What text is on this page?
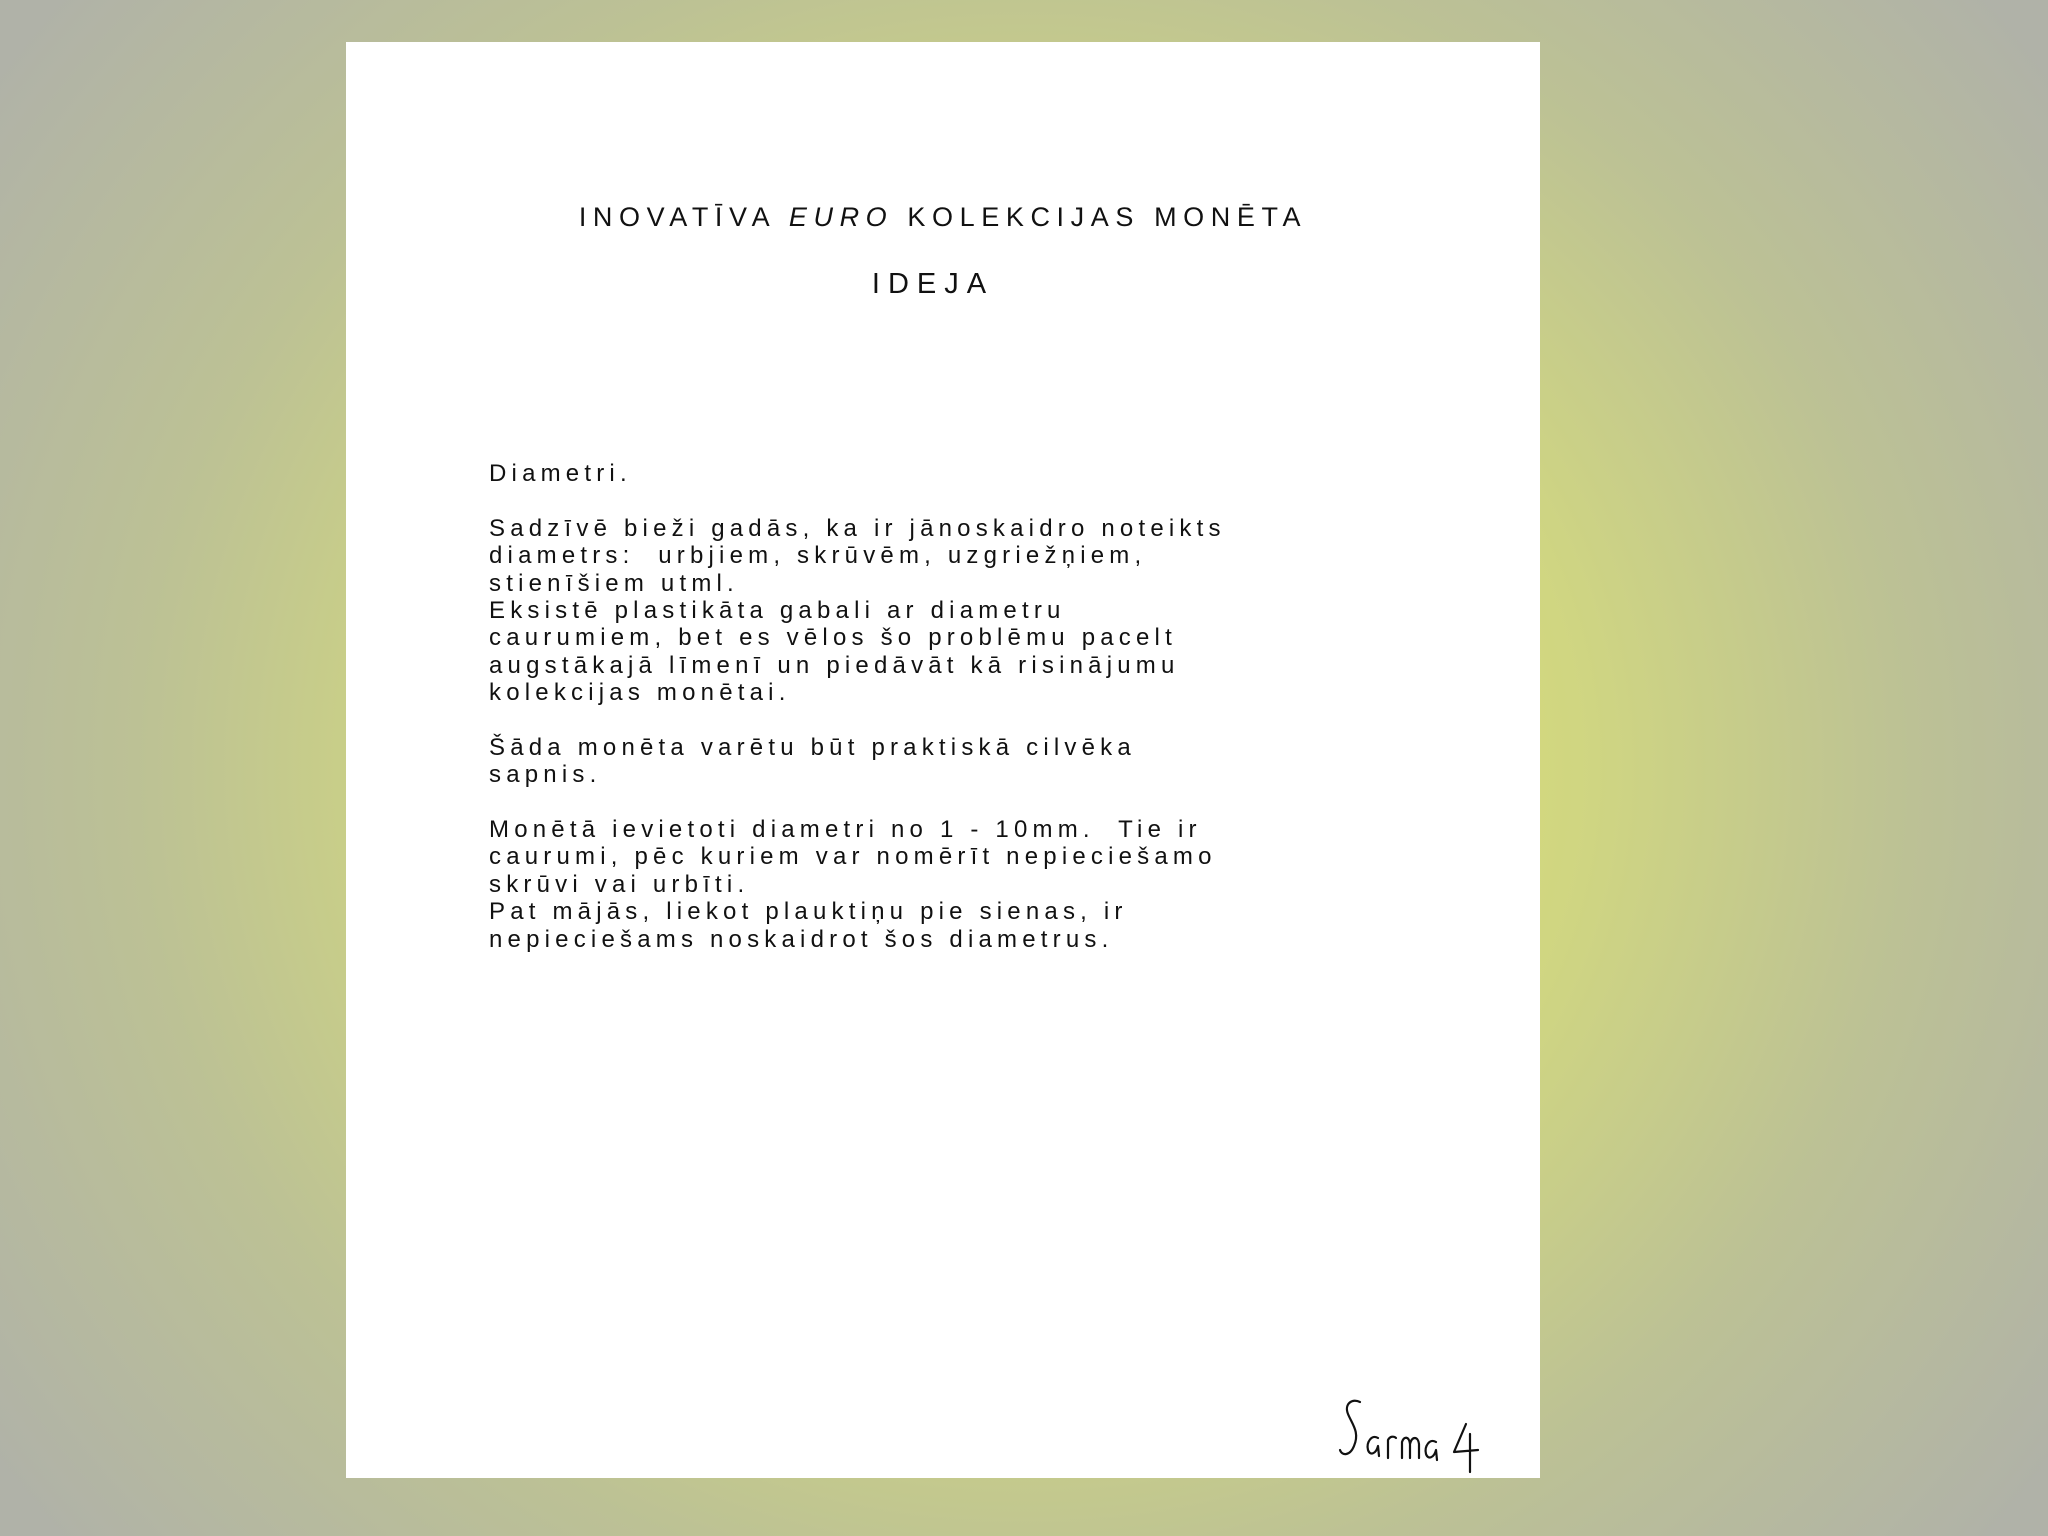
INOVATĪVA EURO KOLEKCIJAS MONĒTA
IDEJA
Diametri.
Sadzīvē bieži gadās, ka ir jānoskaidro noteikts
diametrs:  urbjiem, skrūvēm, uzgriežņiem,
stienīšiem utml.
Eksistē plastikāta gabali ar diametru
caurumiem, bet es vēlos šo problēmu pacelt
augstākajā līmenī un piedāvāt kā risinājumu
kolekcijas monētai.
Šāda monēta varētu būt praktiskā cilvēka
sapnis.
Monētā ievietoti diametri no 1 - 10mm.  Tie ir
caurumi, pēc kuriem var nomērīt nepieciešamo
skrūvi vai urbīti.
Pat mājās, liekot plauktiņu pie sienas, ir
nepieciešams noskaidrot šos diametrus.
